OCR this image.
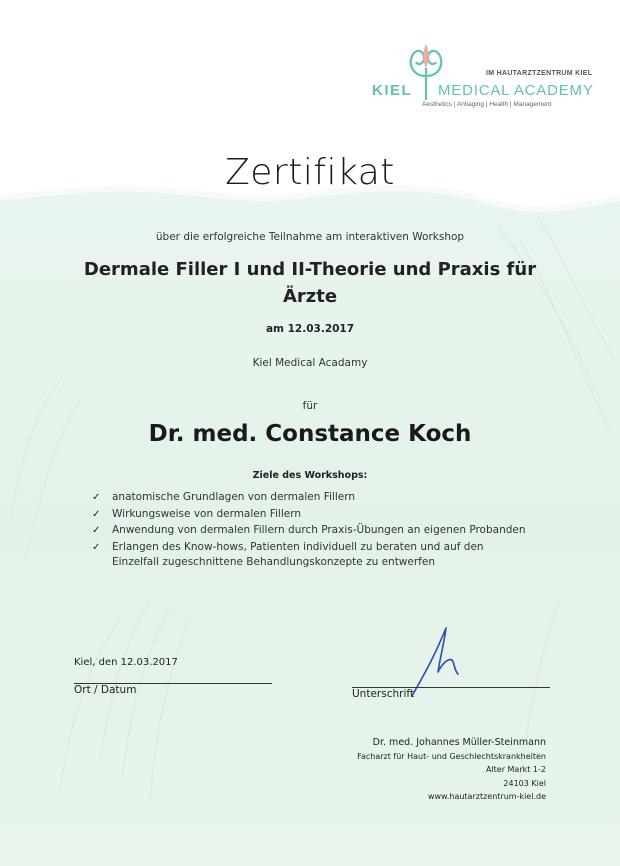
IM HAUTARZTZENTRUM KIEL
KIEL MEDICAL ACADEMY
Aesthetics | Antiaging | Health | Management
Zertifikat
über die erfolgreiche Teilnahme am interaktiven Workshop
Dermale Filler I und II-Theorie und Praxis für Ärzte
am 12.03.2017
Kiel Medical Acadamy
für
Dr. med. Constance Koch
Ziele des Workshops:
✓ anatomische Grundlagen von dermalen Fillern
✓ Wirkungsweise von dermalen Fillern
✓ Anwendung von dermalen Fillern durch Praxis-Übungen an eigenen Probanden
✓ Erlangen des Know-hows, Patienten individuell zu beraten und auf den Einzelfall zugeschnittene Behandlungskonzepte zu entwerfen
Kiel, den 12.03.2017
Ort / Datum	Unterschrift
Dr. med. Johannes Müller-Steinmann
Facharzt für Haut- und Geschlechtskrankheiten
Alter Markt 1-2
24103 Kiel
www.hautarztzentrum-kiel.de
